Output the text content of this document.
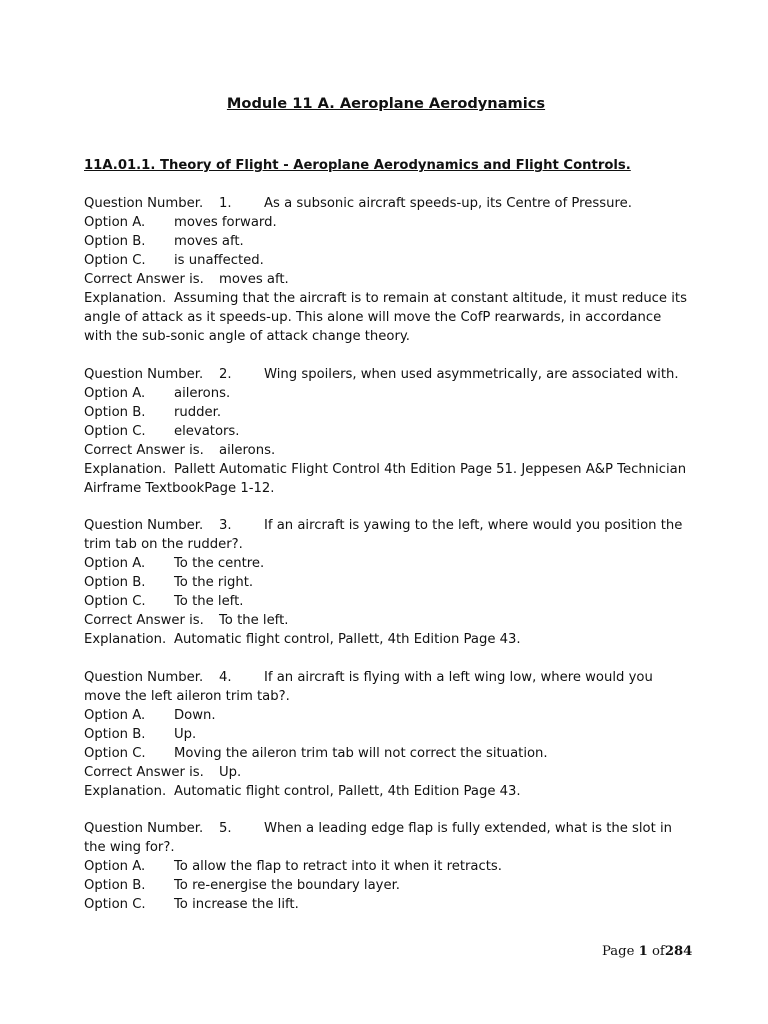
Module 11 A. Aeroplane Aerodynamics
11A.01.1. Theory of Flight - Aeroplane Aerodynamics and Flight Controls.
Question Number. 1. As a subsonic aircraft speeds-up, its Centre of Pressure.
Option A. moves forward.
Option B. moves aft.
Option C. is unaffected.
Correct Answer is. moves aft.
Explanation. Assuming that the aircraft is to remain at constant altitude, it must reduce its angle of attack as it speeds-up. This alone will move the CofP rearwards, in accordance with the sub-sonic angle of attack change theory.
Question Number. 2. Wing spoilers, when used asymmetrically, are associated with.
Option A. ailerons.
Option B. rudder.
Option C. elevators.
Correct Answer is. ailerons.
Explanation. Pallett Automatic Flight Control 4th Edition Page 51. Jeppesen A&P Technician Airframe TextbookPage 1-12.
Question Number. 3. If an aircraft is yawing to the left, where would you position the trim tab on the rudder?.
Option A. To the centre.
Option B. To the right.
Option C. To the left.
Correct Answer is. To the left.
Explanation. Automatic flight control, Pallett, 4th Edition Page 43.
Question Number. 4. If an aircraft is flying with a left wing low, where would you move the left aileron trim tab?.
Option A. Down.
Option B. Up.
Option C. Moving the aileron trim tab will not correct the situation.
Correct Answer is. Up.
Explanation. Automatic flight control, Pallett, 4th Edition Page 43.
Question Number. 5. When a leading edge flap is fully extended, what is the slot in the wing for?.
Option A. To allow the flap to retract into it when it retracts.
Option B. To re-energise the boundary layer.
Option C. To increase the lift.
Page 1 of284
